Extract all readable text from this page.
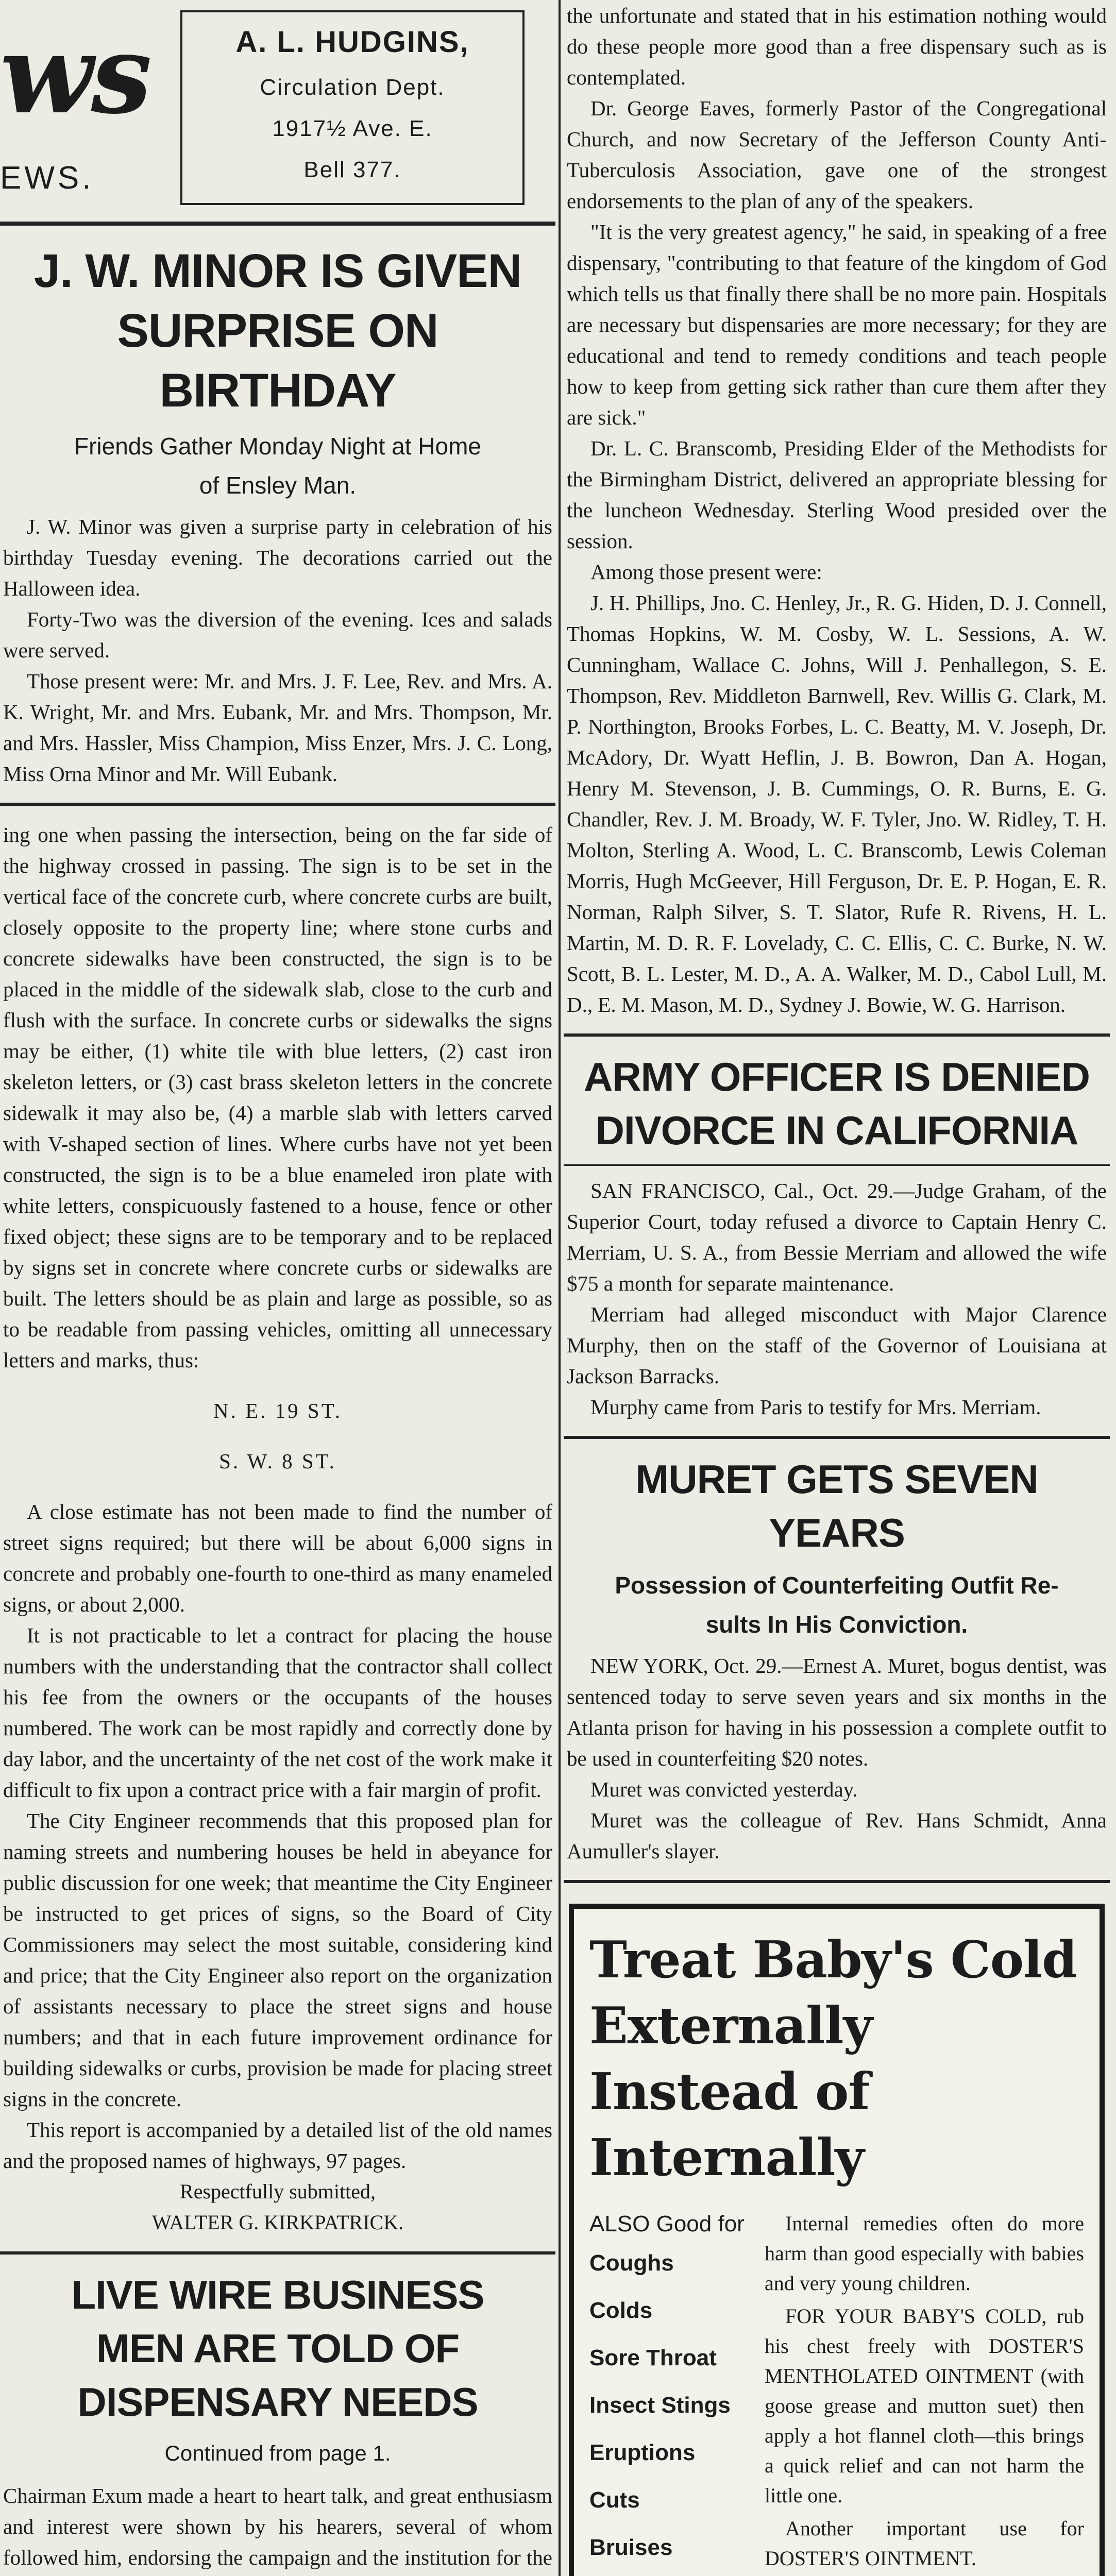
ws
EWS.
A. L. HUDGINS,
Circulation Dept.
1917½ Ave. E.
Bell 377.
J. W. MINOR IS GIVEN
SURPRISE ON BIRTHDAY
Friends Gather Monday Night at Home
of Ensley Man.

J. W. Minor was given a surprise party in celebration of his birthday Tuesday evening. The decorations carried out the Halloween idea.

Forty-Two was the diversion of the evening. Ices and salads were served.

Those present were: Mr. and Mrs. J. F. Lee, Rev. and Mrs. A. K. Wright, Mr. and Mrs. Eubank, Mr. and Mrs. Thompson, Mr. and Mrs. Hassler, Miss Champion, Miss Enzer, Mrs. J. C. Long, Miss Orna Minor and Mr. Will Eubank.

ing one when passing the intersection, being on the far side of the highway crossed in passing. The sign is to be set in the vertical face of the concrete curb, where concrete curbs are built, closely opposite to the property line; where stone curbs and concrete sidewalks have been constructed, the sign is to be placed in the middle of the sidewalk slab, close to the curb and flush with the surface. In concrete curbs or sidewalks the signs may be either, (1) white tile with blue letters, (2) cast iron skeleton letters, or (3) cast brass skeleton letters in the concrete sidewalk it may also be, (4) a marble slab with letters carved with V-shaped section of lines. Where curbs have not yet been constructed, the sign is to be a blue enameled iron plate with white letters, conspicuously fastened to a house, fence or other fixed object; these signs are to be temporary and to be replaced by signs set in concrete where concrete curbs or sidewalks are built. The letters should be as plain and large as possible, so as to be readable from passing vehicles, omitting all unnecessary letters and marks, thus:

N. E. 19 ST.

S. W. 8 ST.

A close estimate has not been made to find the number of street signs required; but there will be about 6,000 signs in concrete and probably one-fourth to one-third as many enameled signs, or about 2,000.

It is not practicable to let a contract for placing the house numbers with the understanding that the contractor shall collect his fee from the owners or the occupants of the houses numbered. The work can be most rapidly and correctly done by day labor, and the uncertainty of the net cost of the work make it difficult to fix upon a contract price with a fair margin of profit.

The City Engineer recommends that this proposed plan for naming streets and numbering houses be held in abeyance for public discussion for one week; that meantime the City Engineer be instructed to get prices of signs, so the Board of City Commissioners may select the most suitable, considering kind and price; that the City Engineer also report on the organization of assistants necessary to place the street signs and house numbers; and that in each future improvement ordinance for building sidewalks or curbs, provision be made for placing street signs in the concrete.

This report is accompanied by a detailed list of the old names and the proposed names of highways, 97 pages.

Respectfully submitted,

WALTER G. KIRKPATRICK.

LIVE WIRE BUSINESS
MEN ARE TOLD OF
DISPENSARY NEEDS
Continued from page 1.

Chairman Exum made a heart to heart talk, and great enthusiasm and interest were shown by his hearers, several of whom followed him, endorsing the campaign and the institution for the

the unfortunate and stated that in his estimation nothing would do these people more good than a free dispensary such as is contemplated.

Dr. George Eaves, formerly Pastor of the Congregational Church, and now Secretary of the Jefferson County Anti-Tuberculosis Association, gave one of the strongest endorsements to the plan of any of the speakers.

"It is the very greatest agency," he said, in speaking of a free dispensary, "contributing to that feature of the kingdom of God which tells us that finally there shall be no more pain. Hospitals are necessary but dispensaries are more necessary; for they are educational and tend to remedy conditions and teach people how to keep from getting sick rather than cure them after they are sick."

Dr. L. C. Branscomb, Presiding Elder of the Methodists for the Birmingham District, delivered an appropriate blessing for the luncheon Wednesday. Sterling Wood presided over the session.

Among those present were:

J. H. Phillips, Jno. C. Henley, Jr., R. G. Hiden, D. J. Connell, Thomas Hopkins, W. M. Cosby, W. L. Sessions, A. W. Cunningham, Wallace C. Johns, Will J. Penhallegon, S. E. Thompson, Rev. Middleton Barnwell, Rev. Willis G. Clark, M. P. Northington, Brooks Forbes, L. C. Beatty, M. V. Joseph, Dr. McAdory, Dr. Wyatt Heflin, J. B. Bowron, Dan A. Hogan, Henry M. Stevenson, J. B. Cummings, O. R. Burns, E. G. Chandler, Rev. J. M. Broady, W. F. Tyler, Jno. W. Ridley, T. H. Molton, Sterling A. Wood, L. C. Branscomb, Lewis Coleman Morris, Hugh McGeever, Hill Ferguson, Dr. E. P. Hogan, E. R. Norman, Ralph Silver, S. T. Slator, Rufe R. Rivens, H. L. Martin, M. D. R. F. Lovelady, C. C. Ellis, C. C. Burke, N. W. Scott, B. L. Lester, M. D., A. A. Walker, M. D., Cabol Lull, M. D., E. M. Mason, M. D., Sydney J. Bowie, W. G. Harrison.

ARMY OFFICER IS DENIED
DIVORCE IN CALIFORNIA

SAN FRANCISCO, Cal., Oct. 29.—Judge Graham, of the Superior Court, today refused a divorce to Captain Henry C. Merriam, U. S. A., from Bessie Merriam and allowed the wife $75 a month for separate maintenance.

Merriam had alleged misconduct with Major Clarence Murphy, then on the staff of the Governor of Louisiana at Jackson Barracks.

Murphy came from Paris to testify for Mrs. Merriam.

MURET GETS SEVEN YEARS
Possession of Counterfeiting Outfit Re-
sults In His Conviction.

NEW YORK, Oct. 29.—Ernest A. Muret, bogus dentist, was sentenced today to serve seven years and six months in the Atlanta prison for having in his possession a complete outfit to be used in counterfeiting $20 notes.

Muret was convicted yesterday.

Muret was the colleague of Rev. Hans Schmidt, Anna Aumuller's slayer.

Treat Baby's Cold Externally Instead of Internally
ALSO Good for
Coughs
Colds
Sore Throat
Insect Stings
Eruptions
Cuts
Bruises

Internal remedies often do more harm than good especially with babies and very young children.

FOR YOUR BABY'S COLD, rub his chest freely with DOSTER'S MENTHOLATED OINTMENT (with goose grease and mutton suet) then apply a hot flannel cloth—this brings a quick relief and can not harm the little one.

Another important use for DOSTER'S OINTMENT.
